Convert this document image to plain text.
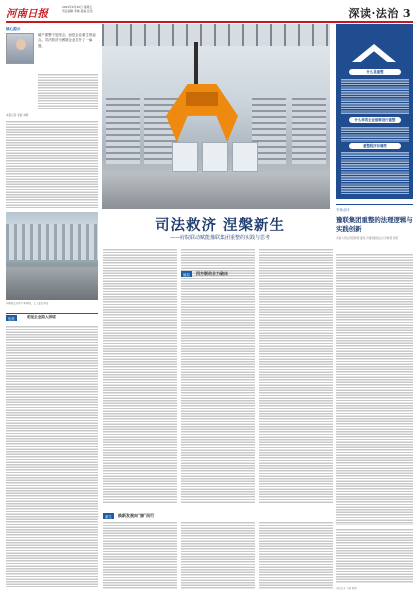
河南日报
2025年6月20日 星期五
责任编辑 李晓 美编 张浩	深读·法治 3
核心提示
破产重整不是终点，而是企业重生的起点。司法救济为困境企业打开了一扇窗。
本报记者 李丽 刘明
河南某公司生产车间内，工人正在作业
危机	明星企业陷入困境
司法救济 涅槃新生
——府院联动赋能豫联集团重整的实践与思考
破局	四方联动合力破冰
重生	焕新发展向"绿"而行
什么是重整
什么样的企业能够进行重整
重整程序有哪些
专家点评
豫联集团重整的法理逻辑与实践创新
河南大学法学院教授 董某 河南财经政法大学教授 郭某
本报记者 李丽 整理
